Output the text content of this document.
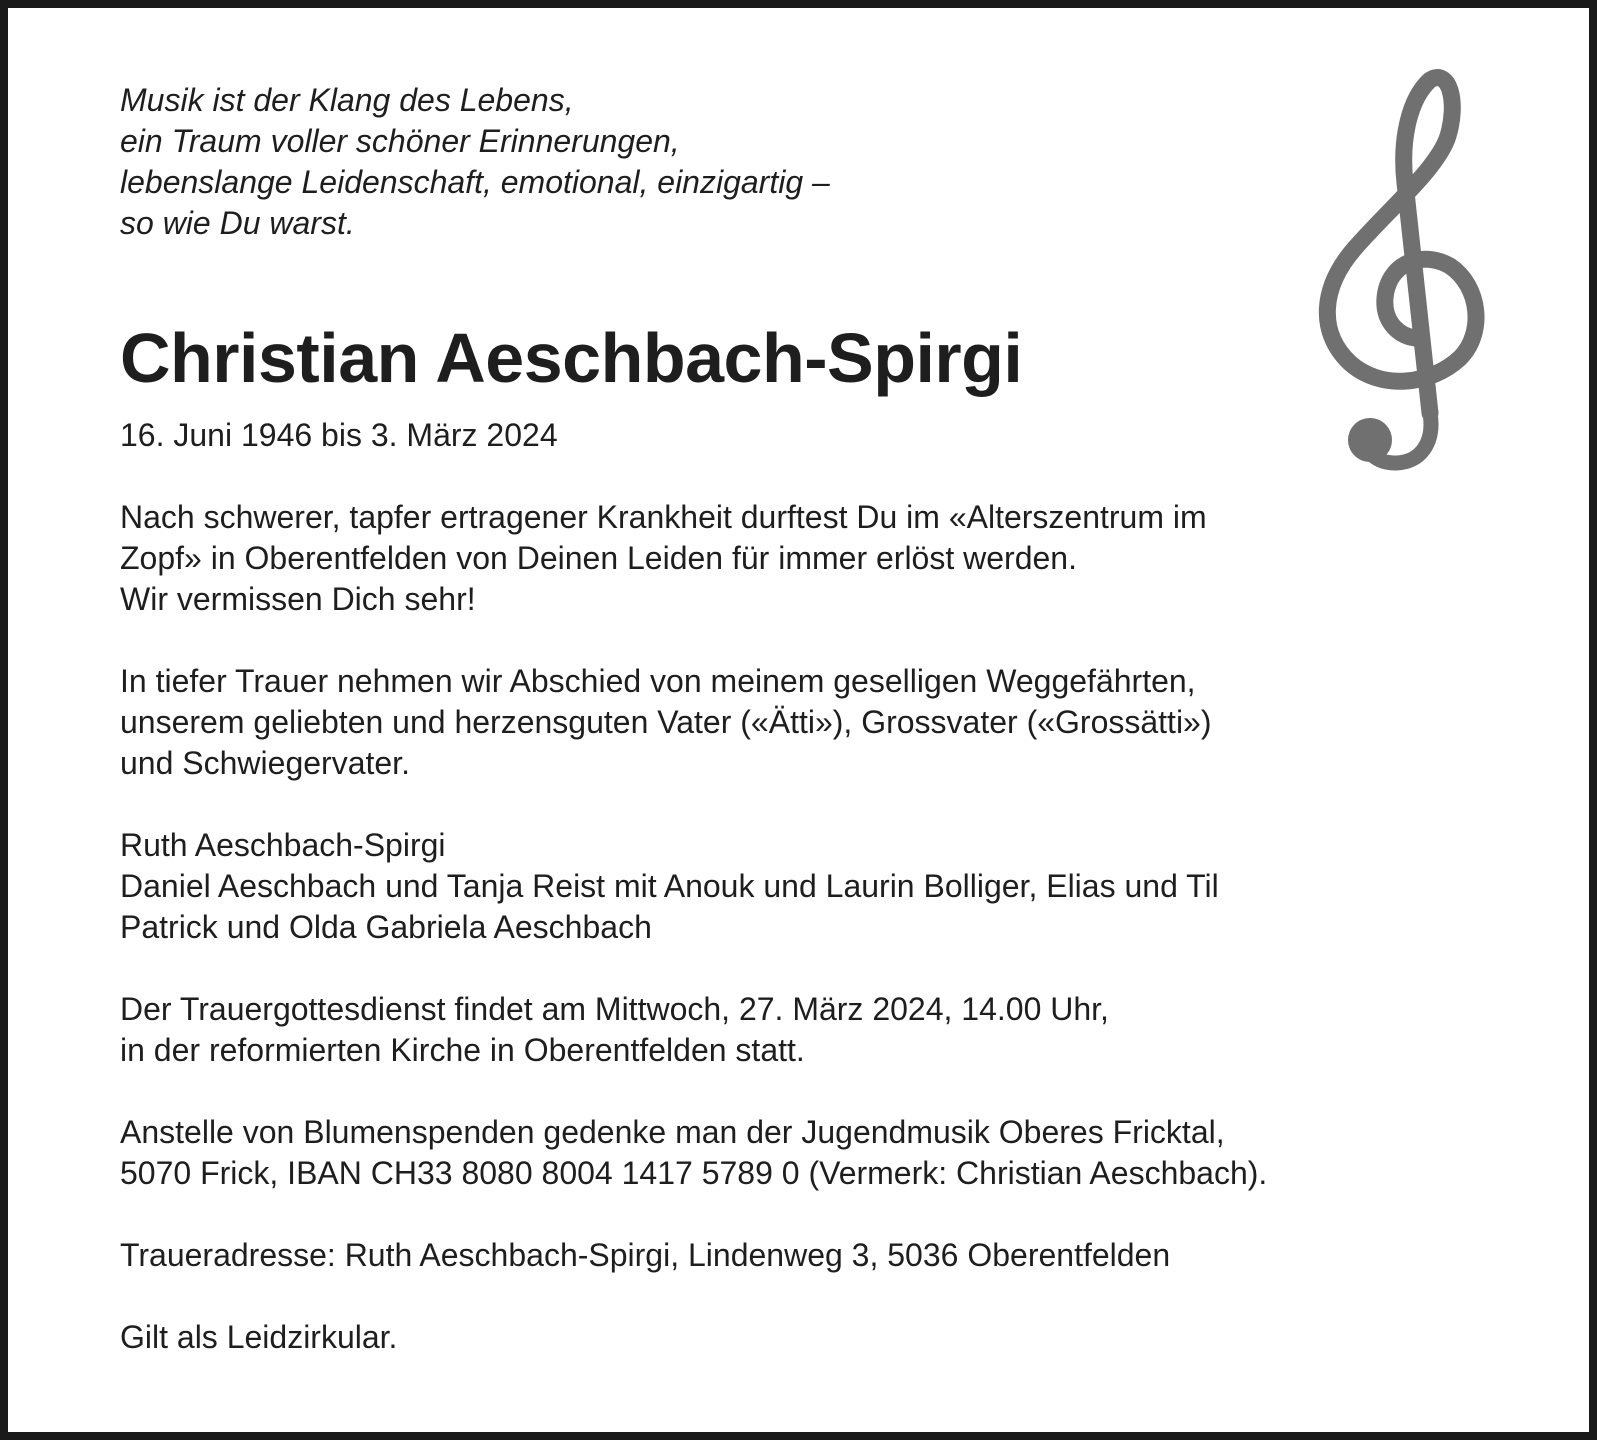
Musik ist der Klang des Lebens,
ein Traum voller schöner Erinnerungen,
lebenslange Leidenschaft, emotional, einzigartig –
so wie Du warst.
Christian Aeschbach-Spirgi
16. Juni 1946 bis 3. März 2024
Nach schwerer, tapfer ertragener Krankheit durftest Du im «Alterszentrum im
Zopf» in Oberentfelden von Deinen Leiden für immer erlöst werden.
Wir vermissen Dich sehr!
In tiefer Trauer nehmen wir Abschied von meinem geselligen Weggefährten,
unserem geliebten und herzensguten Vater («Ätti»), Grossvater («Grossätti»)
und Schwiegervater.
Ruth Aeschbach-Spirgi
Daniel Aeschbach und Tanja Reist mit Anouk und Laurin Bolliger, Elias und Til
Patrick und Olda Gabriela Aeschbach
Der Trauergottesdienst findet am Mittwoch, 27. März 2024, 14.00 Uhr,
in der reformierten Kirche in Oberentfelden statt.
Anstelle von Blumenspenden gedenke man der Jugendmusik Oberes Fricktal,
5070 Frick, IBAN CH33 8080 8004 1417 5789 0 (Vermerk: Christian Aeschbach).
Traueradresse: Ruth Aeschbach-Spirgi, Lindenweg 3, 5036 Oberentfelden
Gilt als Leidzirkular.
